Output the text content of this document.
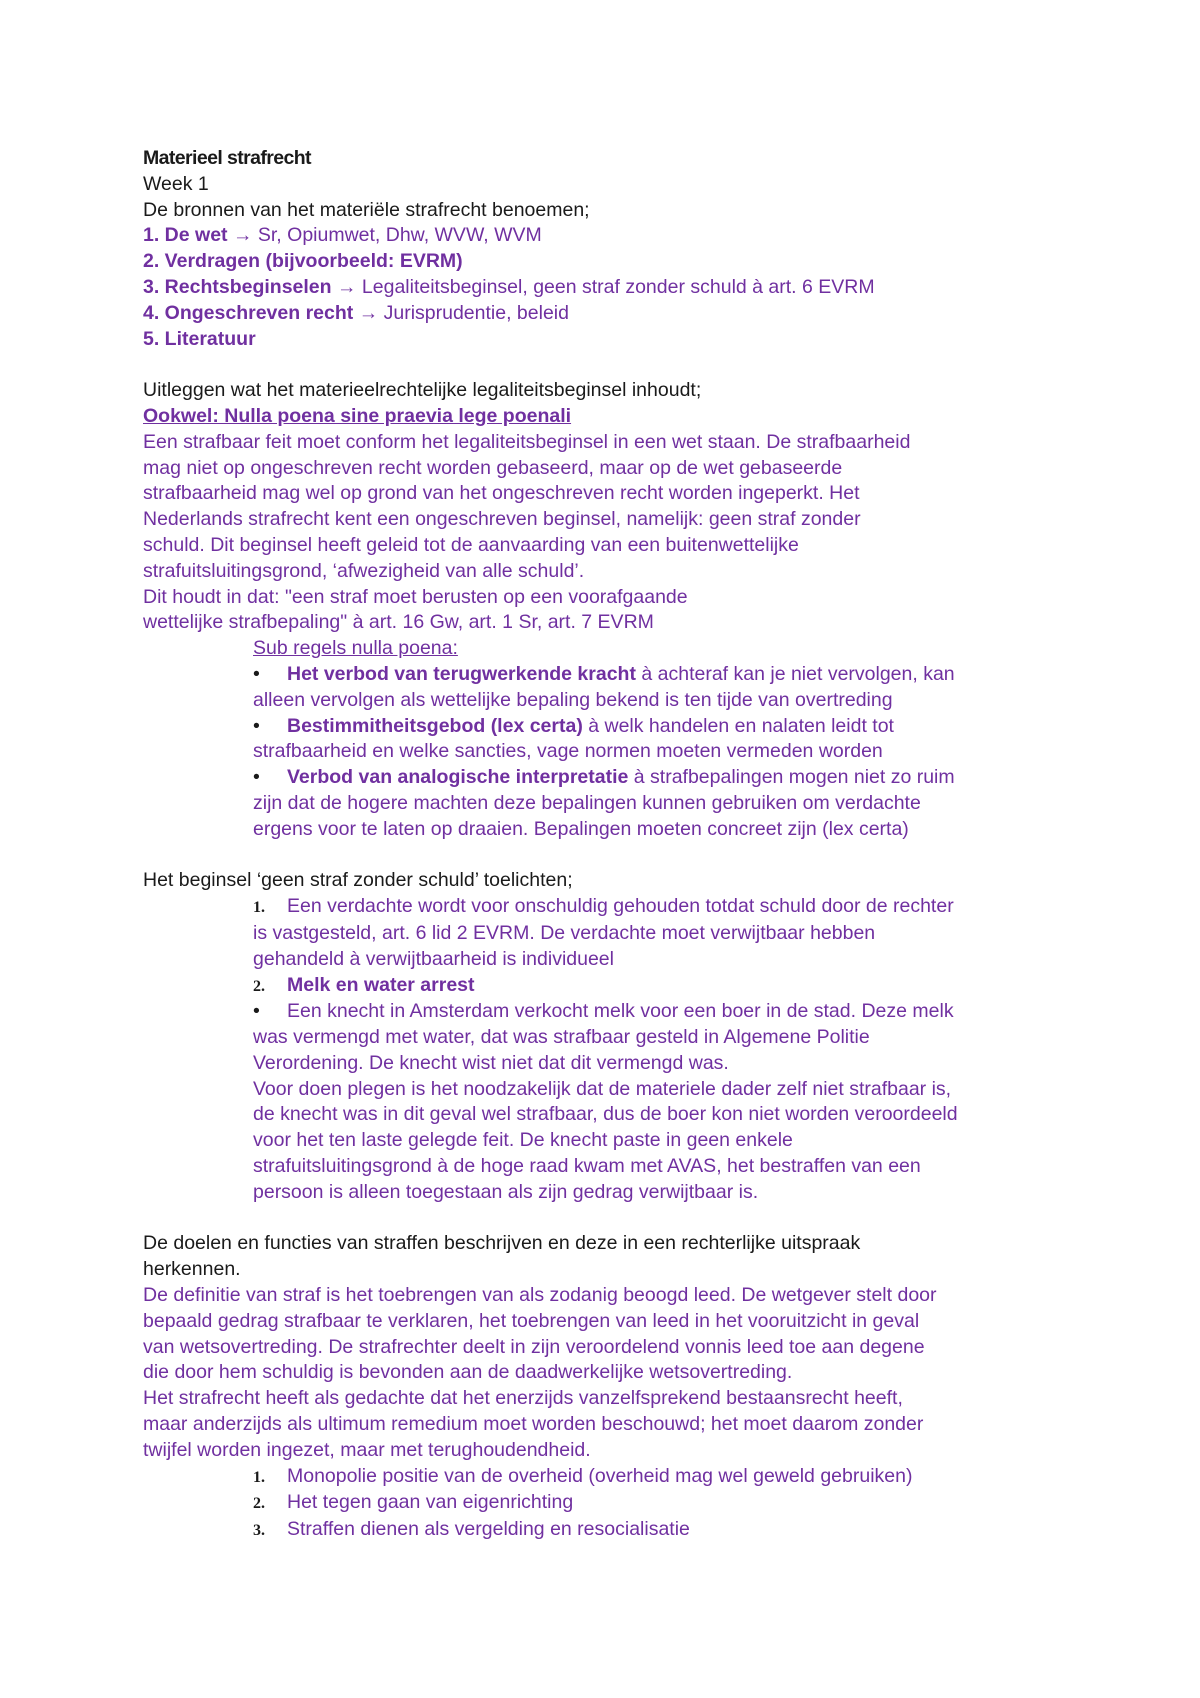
Materieel strafrecht
Week 1
De bronnen van het materiële strafrecht benoemen;
1. De wet → Sr, Opiumwet, Dhw, WVW, WVM
2. Verdragen (bijvoorbeeld: EVRM)
3. Rechtsbeginselen → Legaliteitsbeginsel, geen straf zonder schuld à art. 6 EVRM
4. Ongeschreven recht → Jurisprudentie, beleid
5. Literatuur
Uitleggen wat het materieelrechtelijke legaliteitsbeginsel inhoudt;
Ookwel: Nulla poena sine praevia lege poenali
Een strafbaar feit moet conform het legaliteitsbeginsel in een wet staan. De strafbaarheid
mag niet op ongeschreven recht worden gebaseerd, maar op de wet gebaseerde
strafbaarheid mag wel op grond van het ongeschreven recht worden ingeperkt. Het
Nederlands strafrecht kent een ongeschreven beginsel, namelijk: geen straf zonder
schuld. Dit beginsel heeft geleid tot de aanvaarding van een buitenwettelijke
strafuitsluitingsgrond, ‘afwezigheid van alle schuld’.
Dit houdt in dat: "een straf moet berusten op een voorafgaande
wettelijke strafbepaling" à art. 16 Gw, art. 1 Sr, art. 7 EVRM
Sub regels nulla poena:
• Het verbod van terugwerkende kracht à achteraf kan je niet vervolgen, kan
alleen vervolgen als wettelijke bepaling bekend is ten tijde van overtreding
• Bestimmitheitsgebod (lex certa) à welk handelen en nalaten leidt tot
strafbaarheid en welke sancties, vage normen moeten vermeden worden
• Verbod van analogische interpretatie à strafbepalingen mogen niet zo ruim
zijn dat de hogere machten deze bepalingen kunnen gebruiken om verdachte
ergens voor te laten op draaien. Bepalingen moeten concreet zijn (lex certa)
Het beginsel ‘geen straf zonder schuld’ toelichten;
1. Een verdachte wordt voor onschuldig gehouden totdat schuld door de rechter
is vastgesteld, art. 6 lid 2 EVRM. De verdachte moet verwijtbaar hebben
gehandeld à verwijtbaarheid is individueel
2. Melk en water arrest
• Een knecht in Amsterdam verkocht melk voor een boer in de stad. Deze melk
was vermengd met water, dat was strafbaar gesteld in Algemene Politie
Verordening. De knecht wist niet dat dit vermengd was.
Voor doen plegen is het noodzakelijk dat de materiele dader zelf niet strafbaar is,
de knecht was in dit geval wel strafbaar, dus de boer kon niet worden veroordeeld
voor het ten laste gelegde feit. De knecht paste in geen enkele
strafuitsluitingsgrond à de hoge raad kwam met AVAS, het bestraffen van een
persoon is alleen toegestaan als zijn gedrag verwijtbaar is.
De doelen en functies van straffen beschrijven en deze in een rechterlijke uitspraak
herkennen.
De definitie van straf is het toebrengen van als zodanig beoogd leed. De wetgever stelt door
bepaald gedrag strafbaar te verklaren, het toebrengen van leed in het vooruitzicht in geval
van wetsovertreding. De strafrechter deelt in zijn veroordelend vonnis leed toe aan degene
die door hem schuldig is bevonden aan de daadwerkelijke wetsovertreding.
Het strafrecht heeft als gedachte dat het enerzijds vanzelfsprekend bestaansrecht heeft,
maar anderzijds als ultimum remedium moet worden beschouwd; het moet daarom zonder
twijfel worden ingezet, maar met terughoudendheid.
1. Monopolie positie van de overheid (overheid mag wel geweld gebruiken)
2. Het tegen gaan van eigenrichting
3. Straffen dienen als vergelding en resocialisatie
